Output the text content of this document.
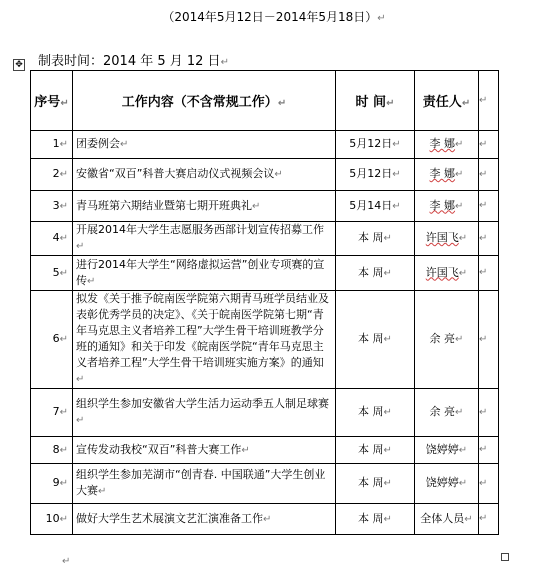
（2014年5月12日－2014年5月18日）↵
✥ 制表时间：2014 年 5 月 12 日↵
序号↵	工作内容（不含常规工作）↵	时 间↵	责任人↵	↵
1↵	团委例会↵	5月12日↵	李 娜↵	↵
2↵	安徽省“双百”科普大赛启动仪式视频会议↵	5月12日↵	李 娜↵	↵
3↵	青马班第六期结业暨第七期开班典礼↵	5月14日↵	李 娜↵	↵
4↵	开展2014年大学生志愿服务西部计划宣传招募工作↵	本 周↵	许国飞↵	↵
5↵	进行2014年大学生“网络虚拟运营”创业专项赛的宣传↵	本 周↵	许国飞↵	↵
6↵	拟发《关于推予皖南医学院第六期青马班学员结业及表彰优秀学员的决定》、《关于皖南医学院第七期“青年马克思主义者培养工程”大学生骨干培训班教学分班的通知》和关于印发《皖南医学院“青年马克思主义者培养工程”大学生骨干培训班实施方案》的通知↵	本 周↵	余 亮↵	↵
7↵	组织学生参加安徽省大学生活力运动季五人制足球赛↵	本 周↵	余 亮↵	↵
8↵	宣传发动我校“双百”科普大赛工作↵	本 周↵	饶婷婷↵	↵
9↵	组织学生参加芜湖市“创青春. 中国联通”大学生创业大赛↵	本 周↵	饶婷婷↵	↵
10↵	做好大学生艺术展演文艺汇演准备工作↵	本 周↵	全体人员↵	↵
↵
